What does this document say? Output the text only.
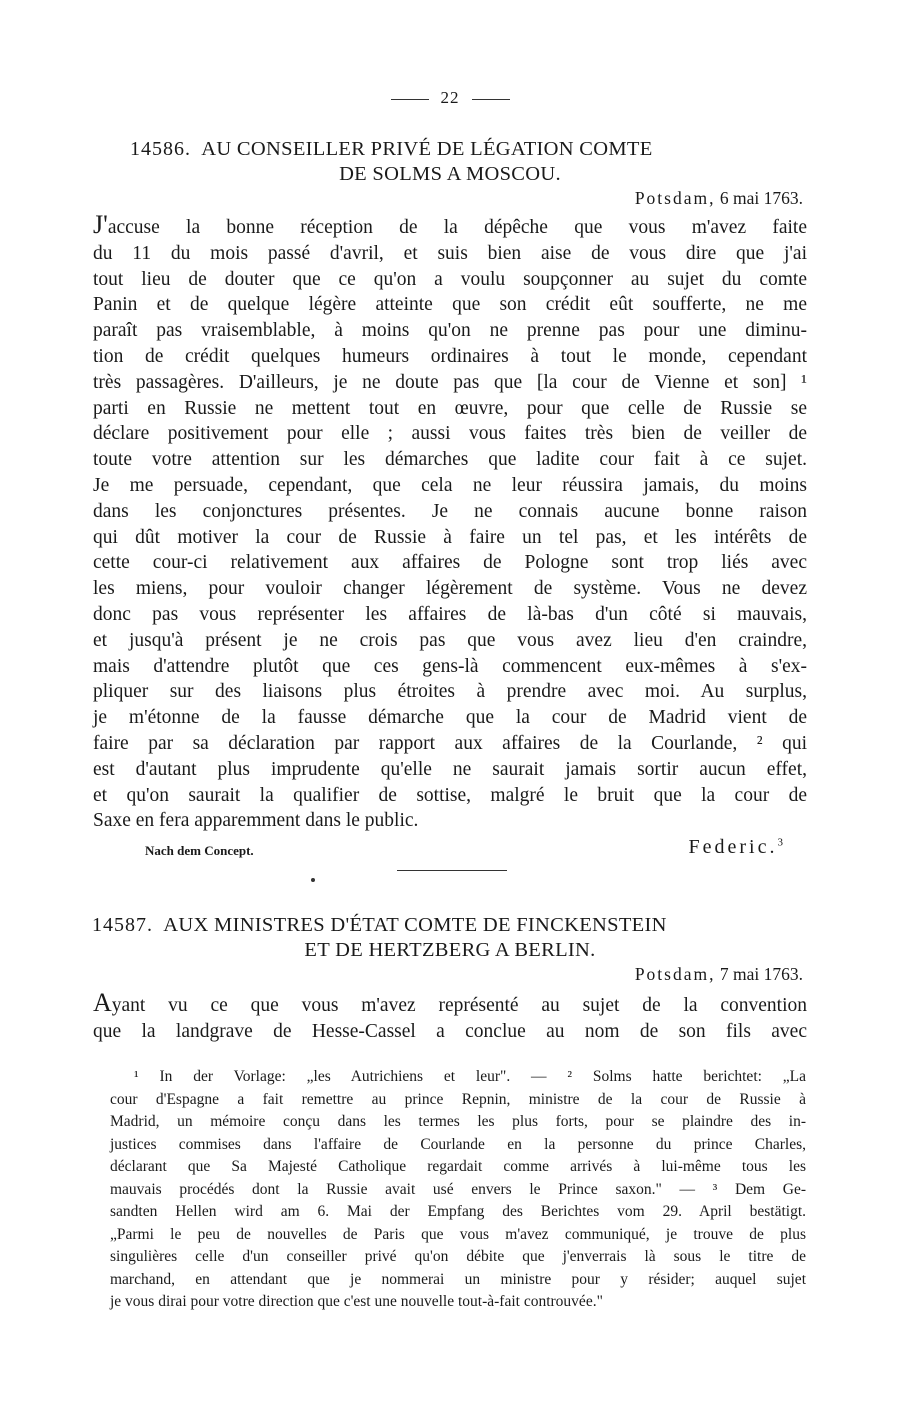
22
14586. AU CONSEILLER PRIVÉ DE LÉGATION COMTE
DE SOLMS A MOSCOU.
Potsdam, 6 mai 1763.
J'accuse la bonne réception de la dépêche que vous m'avez faite
du 11 du mois passé d'avril, et suis bien aise de vous dire que j'ai
tout lieu de douter que ce qu'on a voulu soupçonner au sujet du comte
Panin et de quelque légère atteinte que son crédit eût soufferte, ne me
paraît pas vraisemblable, à moins qu'on ne prenne pas pour une diminu-
tion de crédit quelques humeurs ordinaires à tout le monde, cependant
très passagères. D'ailleurs, je ne doute pas que [la cour de Vienne et son] ¹
parti en Russie ne mettent tout en œuvre, pour que celle de Russie se
déclare positivement pour elle ; aussi vous faites très bien de veiller de
toute votre attention sur les démarches que ladite cour fait à ce sujet.
Je me persuade, cependant, que cela ne leur réussira jamais, du moins
dans les conjonctures présentes. Je ne connais aucune bonne raison
qui dût motiver la cour de Russie à faire un tel pas, et les intérêts de
cette cour-ci relativement aux affaires de Pologne sont trop liés avec
les miens, pour vouloir changer légèrement de système. Vous ne devez
donc pas vous représenter les affaires de là-bas d'un côté si mauvais,
et jusqu'à présent je ne crois pas que vous avez lieu d'en craindre,
mais d'attendre plutôt que ces gens-là commencent eux-mêmes à s'ex-
pliquer sur des liaisons plus étroites à prendre avec moi. Au surplus,
je m'étonne de la fausse démarche que la cour de Madrid vient de
faire par sa déclaration par rapport aux affaires de la Courlande, ² qui
est d'autant plus imprudente qu'elle ne saurait jamais sortir aucun effet,
et qu'on saurait la qualifier de sottise, malgré le bruit que la cour de
Saxe en fera apparemment dans le public.
Nach dem Concept.	Federic.$^3$
14587. AUX MINISTRES D'ÉTAT COMTE DE FINCKENSTEIN
ET DE HERTZBERG A BERLIN.
Potsdam, 7 mai 1763.
Ayant vu ce que vous m'avez représenté au sujet de la convention
que la landgrave de Hesse-Cassel a conclue au nom de son fils avec
¹ In der Vorlage: „les Autrichiens et leur". — ² Solms hatte berichtet: „La
cour d'Espagne a fait remettre au prince Repnin, ministre de la cour de Russie à
Madrid, un mémoire conçu dans les termes les plus forts, pour se plaindre des in-
justices commises dans l'affaire de Courlande en la personne du prince Charles,
déclarant que Sa Majesté Catholique regardait comme arrivés à lui-même tous les
mauvais procédés dont la Russie avait usé envers le Prince saxon." — ³ Dem Ge-
sandten Hellen wird am 6. Mai der Empfang des Berichtes vom 29. April bestätigt.
„Parmi le peu de nouvelles de Paris que vous m'avez communiqué, je trouve de plus
singulières celle d'un conseiller privé qu'on débite que j'enverrais là sous le titre de
marchand, en attendant que je nommerai un ministre pour y résider; auquel sujet
je vous dirai pour votre direction que c'est une nouvelle tout-à-fait controuvée."
